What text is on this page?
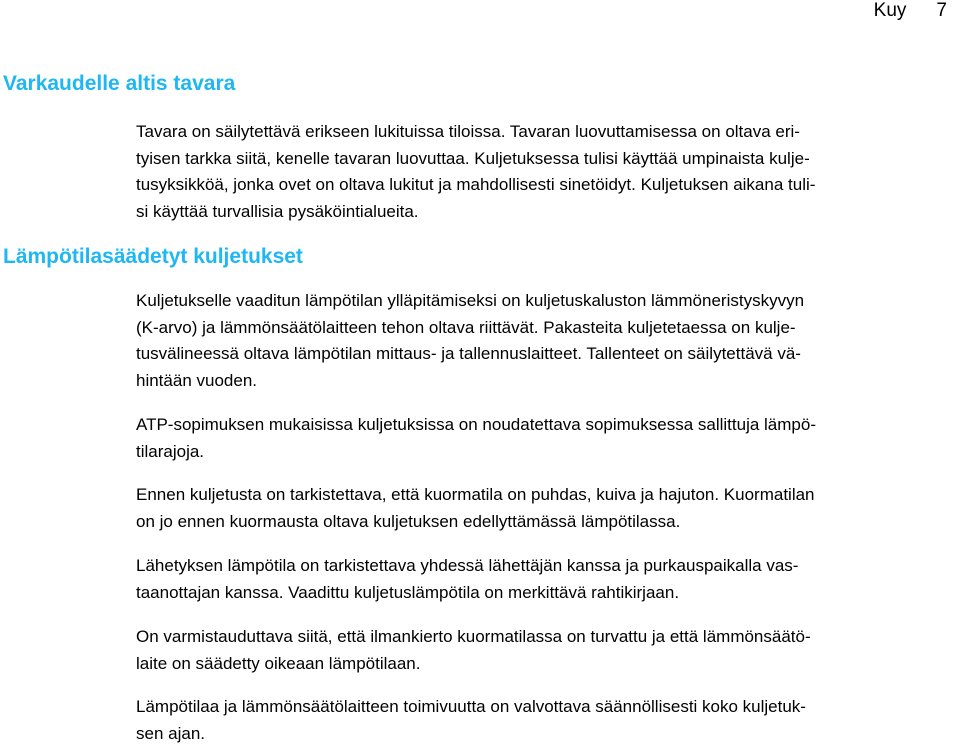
Kuy 7
Varkaudelle altis tavara
Tavara on säilytettävä erikseen lukituissa tiloissa. Tavaran luovuttamisessa on oltava eri-
tyisen tarkka siitä, kenelle tavaran luovuttaa. Kuljetuksessa tulisi käyttää umpinaista kulje-
tusyksikköä, jonka ovet on oltava lukitut ja mahdollisesti sinetöidyt. Kuljetuksen aikana tuli-
si käyttää turvallisia pysäköintialueita.
Lämpötilasäädetyt kuljetukset
Kuljetukselle vaaditun lämpötilan ylläpitämiseksi on kuljetuskaluston lämmöneristyskyvyn
(K-arvo) ja lämmönsäätölaitteen tehon oltava riittävät. Pakasteita kuljetetaessa on kulje-
tusvälineessä oltava lämpötilan mittaus- ja tallennuslaitteet. Tallenteet on säilytettävä vä-
hintään vuoden.
ATP-sopimuksen mukaisissa kuljetuksissa on noudatettava sopimuksessa sallittuja lämpö-
tilarajoja.
Ennen kuljetusta on tarkistettava, että kuormatila on puhdas, kuiva ja hajuton. Kuormatilan
on jo ennen kuormausta oltava kuljetuksen edellyttämässä lämpötilassa.
Lähetyksen lämpötila on tarkistettava yhdessä lähettäjän kanssa ja purkauspaikalla vas-
taanottajan kanssa. Vaadittu kuljetuslämpötila on merkittävä rahtikirjaan.
On varmistauduttava siitä, että ilmankierto kuormatilassa on turvattu ja että lämmönsäätö-
laite on säädetty oikeaan lämpötilaan.
Lämpötilaa ja lämmönsäätölaitteen toimivuutta on valvottava säännöllisesti koko kuljetuk-
sen ajan.
